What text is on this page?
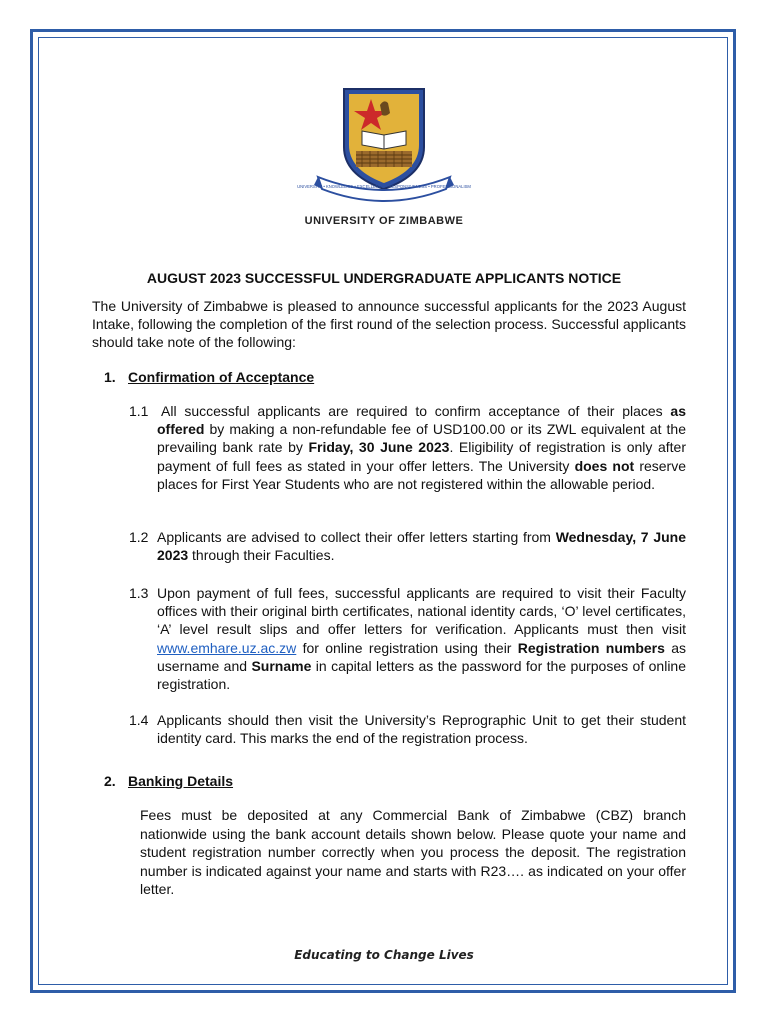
UNIVERSITY • KNOWLEDGE • EXCELLENCE • RESPONSIVENESS • PROFESSIONALISM
UNIVERSITY OF ZIMBABWE
AUGUST 2023 SUCCESSFUL UNDERGRADUATE APPLICANTS NOTICE
The University of Zimbabwe is pleased to announce successful applicants for the 2023 August Intake, following the completion of the first round of the selection process. Successful applicants should take note of the following:
1. Confirmation of Acceptance
1.1 All successful applicants are required to confirm acceptance of their places as offered by making a non-refundable fee of USD100.00 or its ZWL equivalent at the prevailing bank rate by Friday, 30 June 2023. Eligibility of registration is only after payment of full fees as stated in your offer letters. The University does not reserve places for First Year Students who are not registered within the allowable period.
1.2 Applicants are advised to collect their offer letters starting from Wednesday, 7 June 2023 through their Faculties.
1.3 Upon payment of full fees, successful applicants are required to visit their Faculty offices with their original birth certificates, national identity cards, ‘O’ level certificates, ‘A’ level result slips and offer letters for verification. Applicants must then visit www.emhare.uz.ac.zw for online registration using their Registration numbers as username and Surname in capital letters as the password for the purposes of online registration.
1.4 Applicants should then visit the University’s Reprographic Unit to get their student identity card. This marks the end of the registration process.
2. Banking Details
Fees must be deposited at any Commercial Bank of Zimbabwe (CBZ) branch nationwide using the bank account details shown below. Please quote your name and student registration number correctly when you process the deposit. The registration number is indicated against your name and starts with R23…. as indicated on your offer letter.
Educating to Change Lives
